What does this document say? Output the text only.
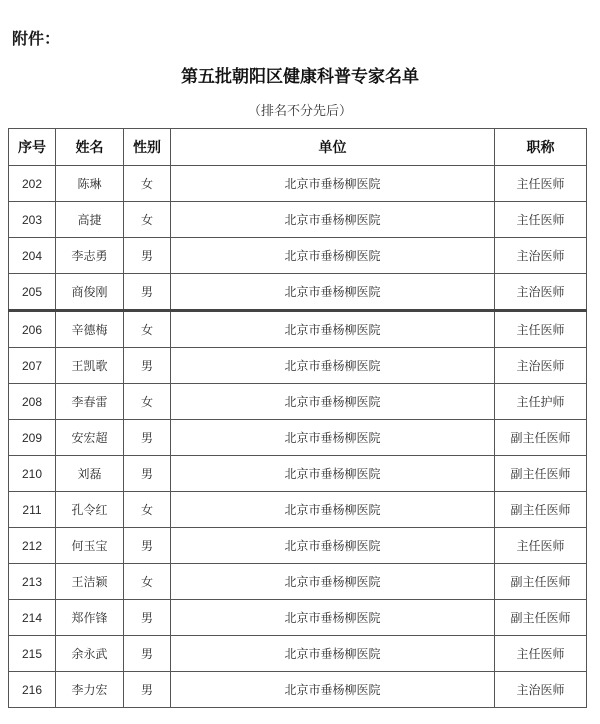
附件：
第五批朝阳区健康科普专家名单
（排名不分先后）
序号	姓名	性别	单位	职称
202	陈琳	女	北京市垂杨柳医院	主任医师
203	高捷	女	北京市垂杨柳医院	主任医师
204	李志勇	男	北京市垂杨柳医院	主治医师
205	商俊刚	男	北京市垂杨柳医院	主治医师
206	辛德梅	女	北京市垂杨柳医院	主任医师
207	王凯歌	男	北京市垂杨柳医院	主治医师
208	李春雷	女	北京市垂杨柳医院	主任护师
209	安宏超	男	北京市垂杨柳医院	副主任医师
210	刘磊	男	北京市垂杨柳医院	副主任医师
211	孔令红	女	北京市垂杨柳医院	副主任医师
212	何玉宝	男	北京市垂杨柳医院	主任医师
213	王洁颖	女	北京市垂杨柳医院	副主任医师
214	郑作锋	男	北京市垂杨柳医院	副主任医师
215	余永武	男	北京市垂杨柳医院	主任医师
216	李力宏	男	北京市垂杨柳医院	主治医师
